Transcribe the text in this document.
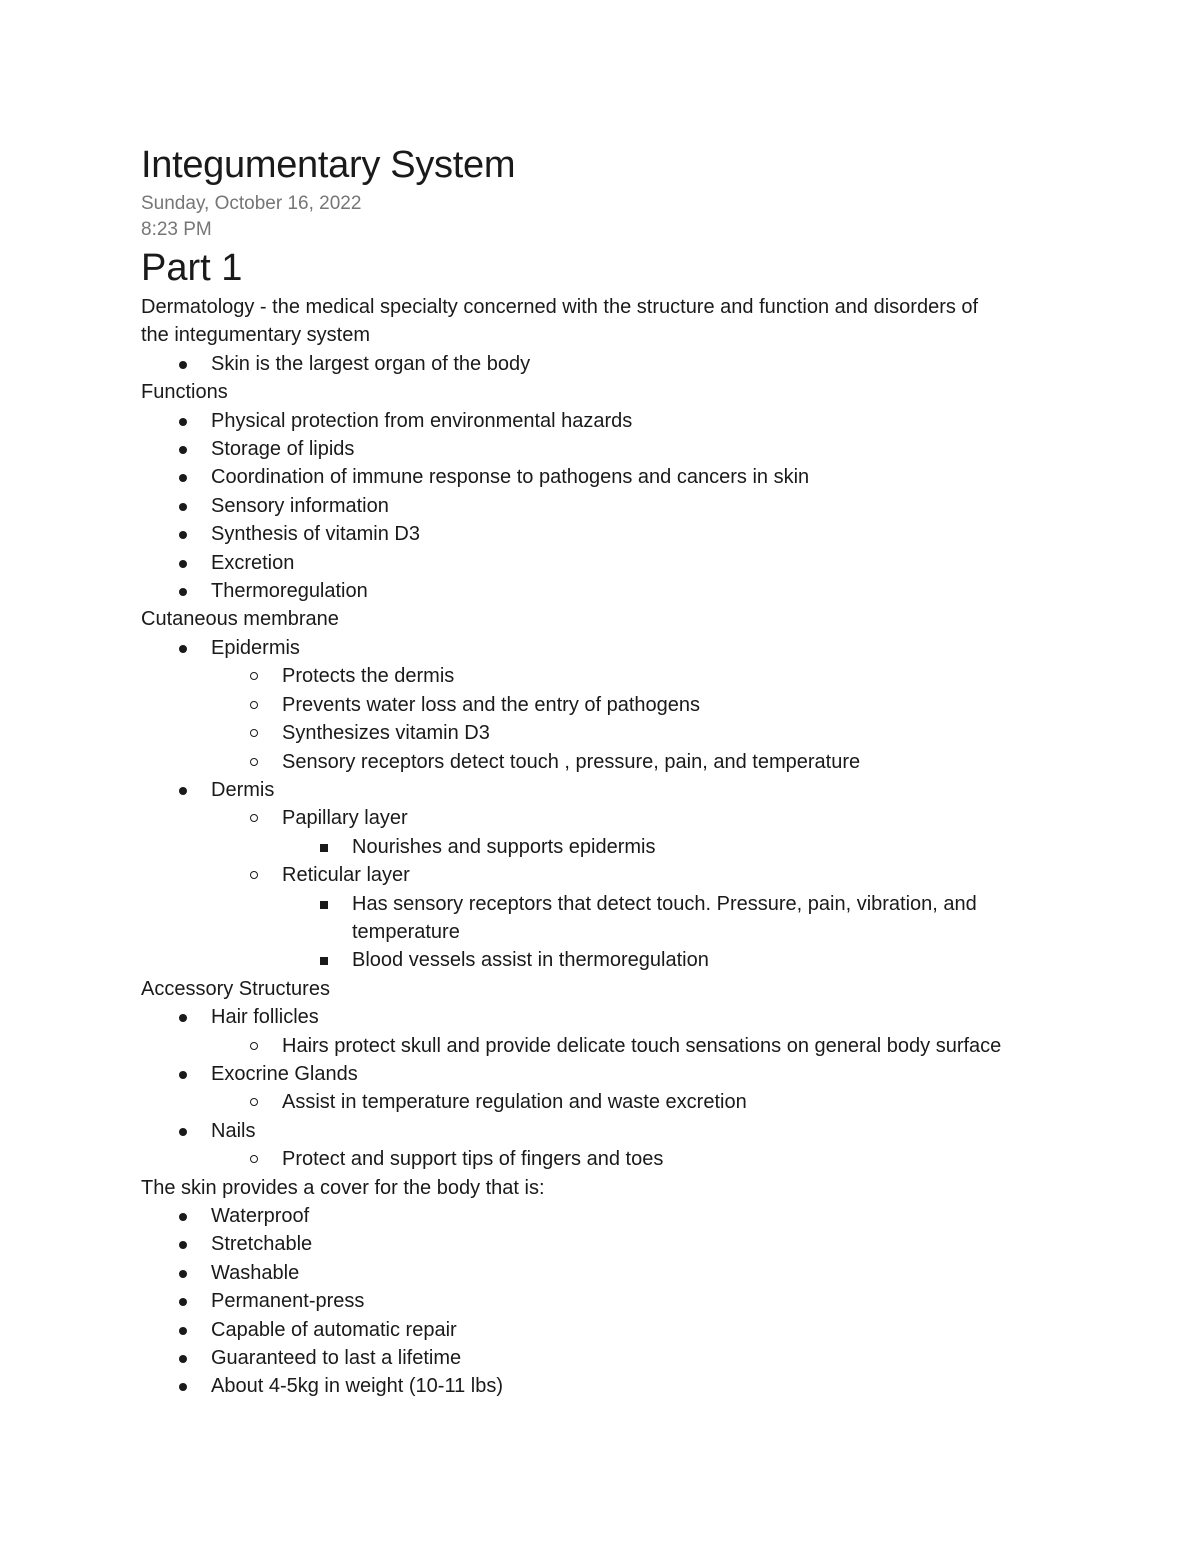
Integumentary System
Sunday, October 16, 2022
8:23 PM
Part 1

Dermatology - the medical specialty concerned with the structure and function and disorders of
the integumentary system

Skin is the largest organ of the body

Functions

Physical protection from environmental hazards
Storage of lipids
Coordination of immune response to pathogens and cancers in skin
Sensory information
Synthesis of vitamin D3
Excretion
Thermoregulation

Cutaneous membrane

Epidermis
Protects the dermis
Prevents water loss and the entry of pathogens
Synthesizes vitamin D3
Sensory receptors detect touch , pressure, pain, and temperature
Dermis
Papillary layer
Nourishes and supports epidermis
Reticular layer
Has sensory receptors that detect touch. Pressure, pain, vibration, and
temperature
Blood vessels assist in thermoregulation

Accessory Structures

Hair follicles
Hairs protect skull and provide delicate touch sensations on general body surface
Exocrine Glands
Assist in temperature regulation and waste excretion
Nails
Protect and support tips of fingers and toes

The skin provides a cover for the body that is:

Waterproof
Stretchable
Washable
Permanent-press
Capable of automatic repair
Guaranteed to last a lifetime
About 4-5kg in weight (10-11 lbs)
